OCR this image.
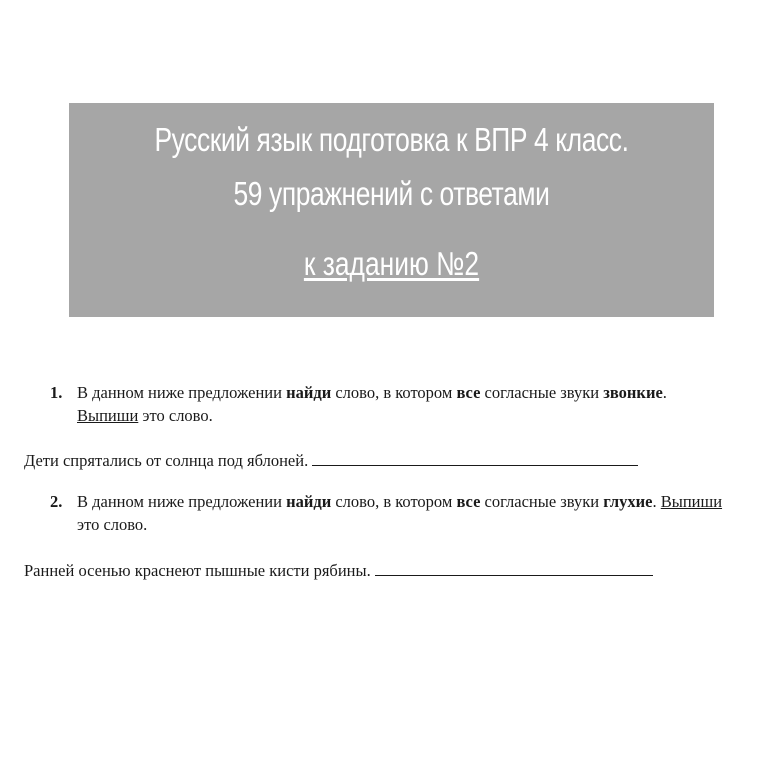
Русский язык подготовка к ВПР 4 класс.
59 упражнений с ответами
к заданию №2
1. В данном ниже предложении найди слово, в котором все согласные звуки звонкие. Выпиши это слово.
Дети спрятались от солнца под яблоней.
2. В данном ниже предложении найди слово, в котором все согласные звуки глухие. Выпиши это слово.
Ранней осенью краснеют пышные кисти рябины.
